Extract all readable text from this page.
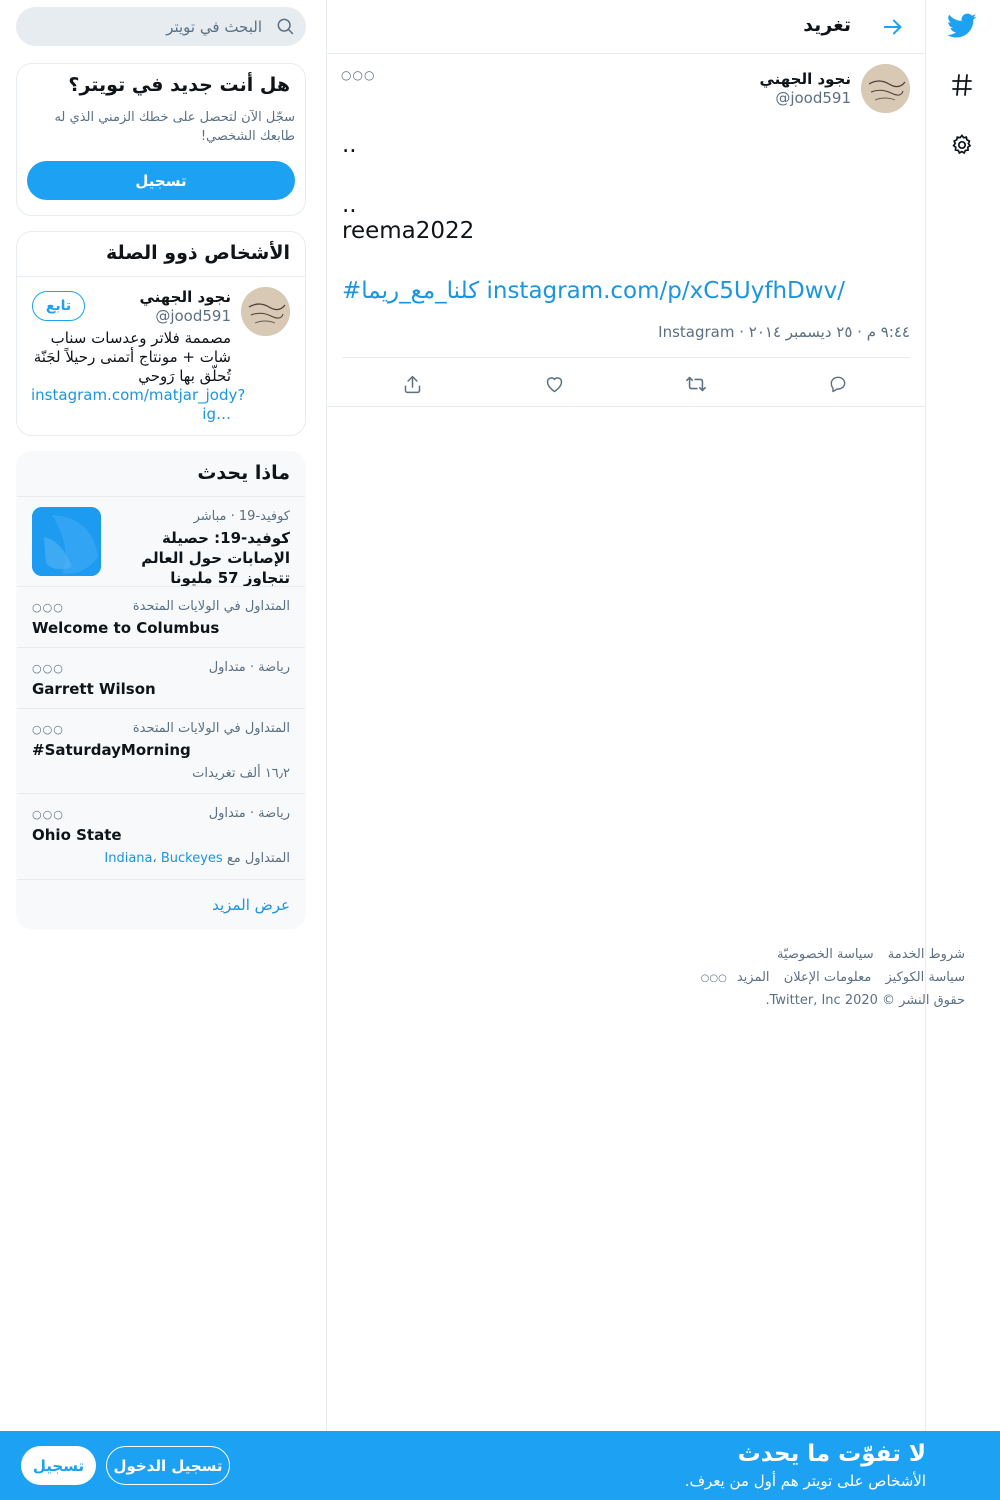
تغريد
نجود الجهني
@jood591
○○○
..
..
reema2022
#كلنا_مع_ريما instagram.com/p/xC5UyfhDwv/
٩:٤٤ م · ٢٥ ديسمبر ٢٠١٤ · Instagram
البحث في تويتر
هل أنت جديد في تويتر؟
سجّل الآن لتحصل على خطك الزمني الذي له طابعك الشخصي!
تسجيل
الأشخاص ذوو الصلة
نجود الجهني
@jood591
تابع
مصممة فلاتر وعدسات سناب شات + مونتاج أتمنى رحيلاً لجَنّة تُحلّق بها رَوحي
instagram.com/matjar_jody?ig…
ماذا يحدث
كوفيد-19 · مباشر
كوفيد-19: حصيلة الإصابات حول العالم تتجاوز 57 مليونا
المتداول في الولايات المتحدة
○○○
Welcome to Columbus
رياضة · متداول
○○○
Garrett Wilson
المتداول في الولايات المتحدة
○○○
#SaturdayMorning
١٦٫٢ ألف تغريدات
رياضة · متداول
○○○
Ohio State
المتداول مع Indiana، Buckeyes
عرض المزيد
شروط الخدمة سياسة الخصوصيّة
سياسة الكوكيز معلومات الإعلان المزيد○○○
حقوق النشر © 2020 Twitter, Inc.
لا تفوّت ما يحدث
الأشخاص على تويتر هم أول من يعرف.
تسجيل الدخول
تسجيل
